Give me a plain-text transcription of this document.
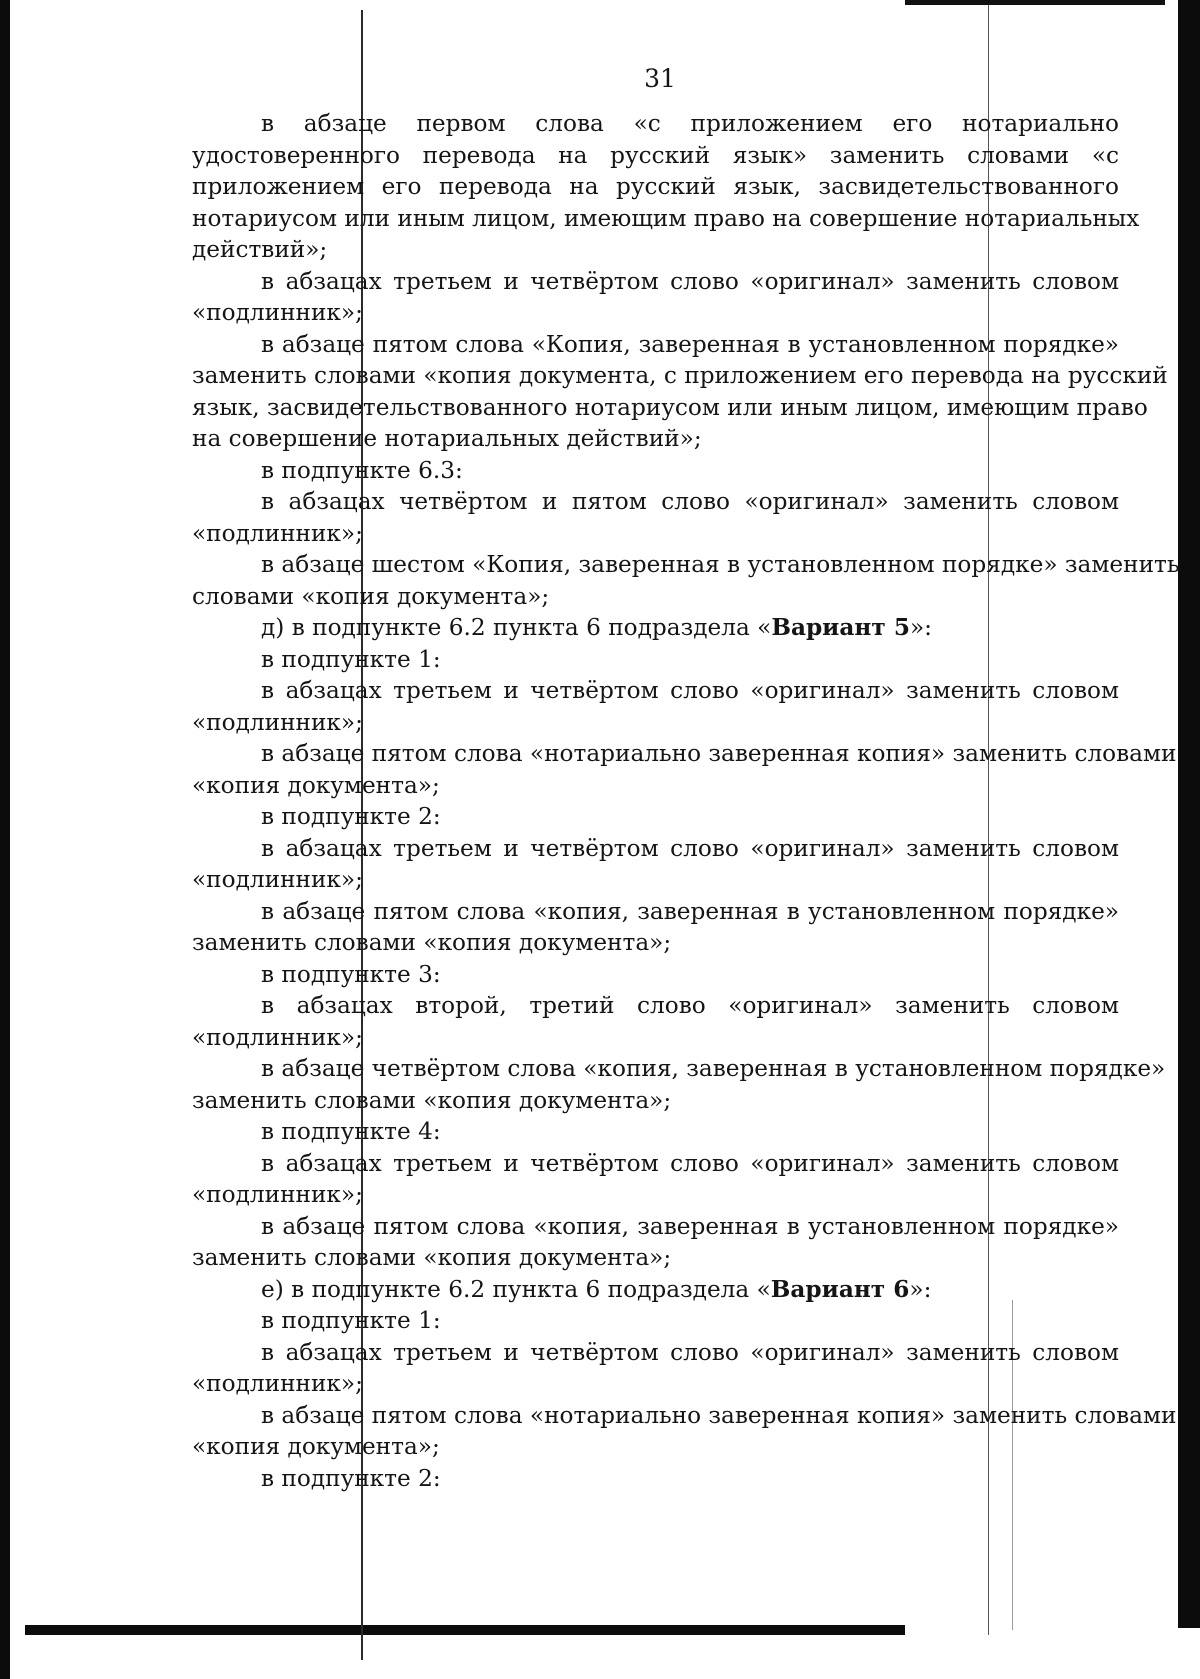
31
в абзаце первом слова «с приложением его нотариально
удостоверенного перевода на русский язык» заменить словами «с
приложением его перевода на русский язык, засвидетельствованного
нотариусом или иным лицом, имеющим право на совершение нотариальных
действий»;
в абзацах третьем и четвёртом слово «оригинал» заменить словом
«подлинник»;
в абзаце пятом слова «Копия, заверенная в установленном порядке»
заменить словами «копия документа, с приложением его перевода на русский
язык, засвидетельствованного нотариусом или иным лицом, имеющим право
на совершение нотариальных действий»;
в подпункте 6.3:
в абзацах четвёртом и пятом слово «оригинал» заменить словом
«подлинник»;
в абзаце шестом «Копия, заверенная в установленном порядке» заменить
словами «копия документа»;
д) в подпункте 6.2 пункта 6 подраздела «Вариант 5»:
в подпункте 1:
в абзацах третьем и четвёртом слово «оригинал» заменить словом
«подлинник»;
в абзаце пятом слова «нотариально заверенная копия» заменить словами
«копия документа»;
в подпункте 2:
в абзацах третьем и четвёртом слово «оригинал» заменить словом
«подлинник»;
в абзаце пятом слова «копия, заверенная в установленном порядке»
заменить словами «копия документа»;
в подпункте 3:
в абзацах второй, третий слово «оригинал» заменить словом
«подлинник»;
в абзаце четвёртом слова «копия, заверенная в установленном порядке»
заменить словами «копия документа»;
в подпункте 4:
в абзацах третьем и четвёртом слово «оригинал» заменить словом
«подлинник»;
в абзаце пятом слова «копия, заверенная в установленном порядке»
заменить словами «копия документа»;
е) в подпункте 6.2 пункта 6 подраздела «Вариант 6»:
в подпункте 1:
в абзацах третьем и четвёртом слово «оригинал» заменить словом
«подлинник»;
в абзаце пятом слова «нотариально заверенная копия» заменить словами
«копия документа»;
в подпункте 2:
